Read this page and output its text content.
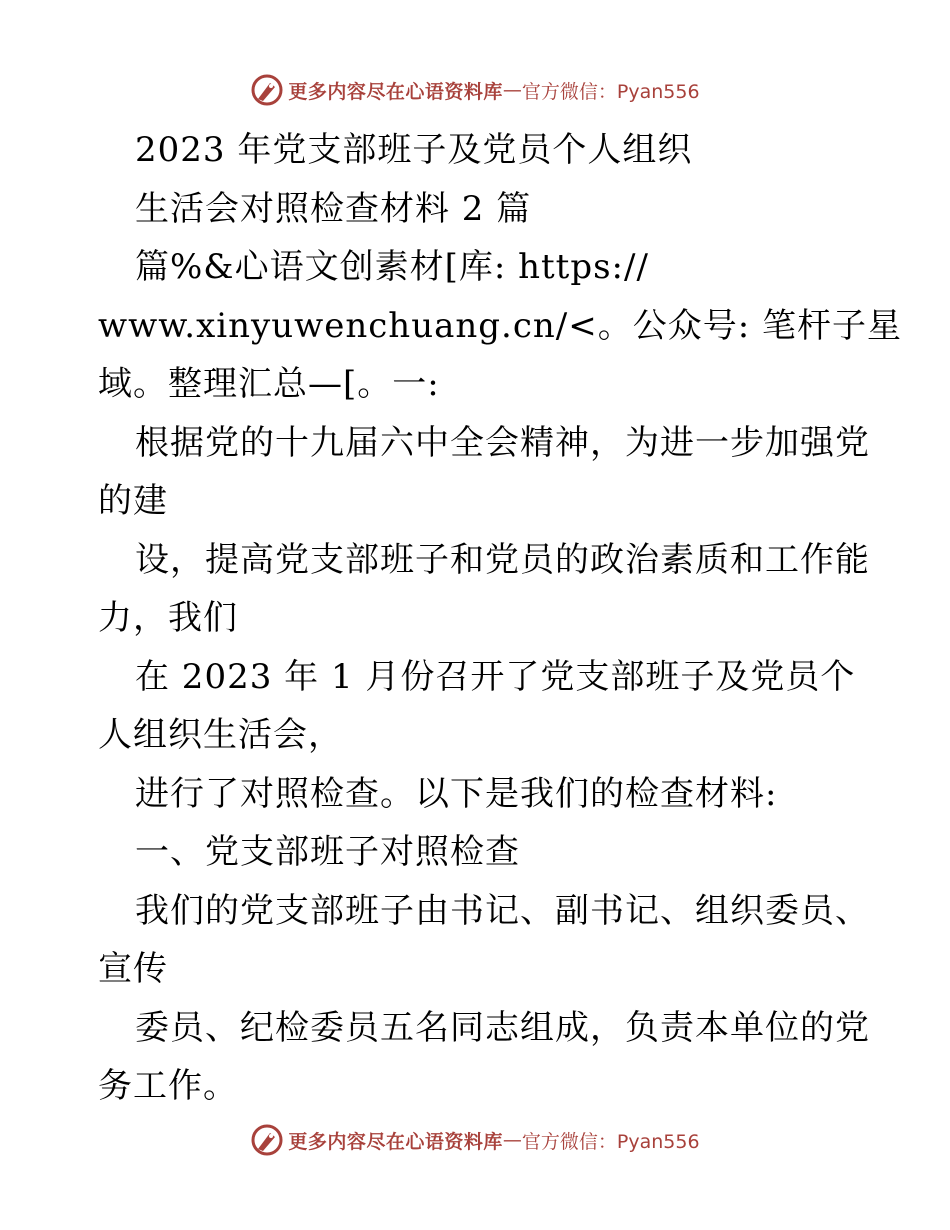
更多内容尽在心语资料库 — 官方微信：Pyan556
2023 年党支部班子及党员个人组织
生活会对照检查材料 2 篇
篇%&心语文创素材[库: https://
www.xinyuwenchuang.cn/<。公众号: 笔杆子星
域。整理汇总—[。一:
根据党的十九届六中全会精神，为进一步加强党
的建
设，提高党支部班子和党员的政治素质和工作能
力，我们
在 2023 年 1 月份召开了党支部班子及党员个
人组织生活会，
进行了对照检查。以下是我们的检查材料:
一、党支部班子对照检查
我们的党支部班子由书记、副书记、组织委员、
宣传
委员、纪检委员五名同志组成，负责本单位的党
务工作。
更多内容尽在心语资料库 — 官方微信：Pyan556
